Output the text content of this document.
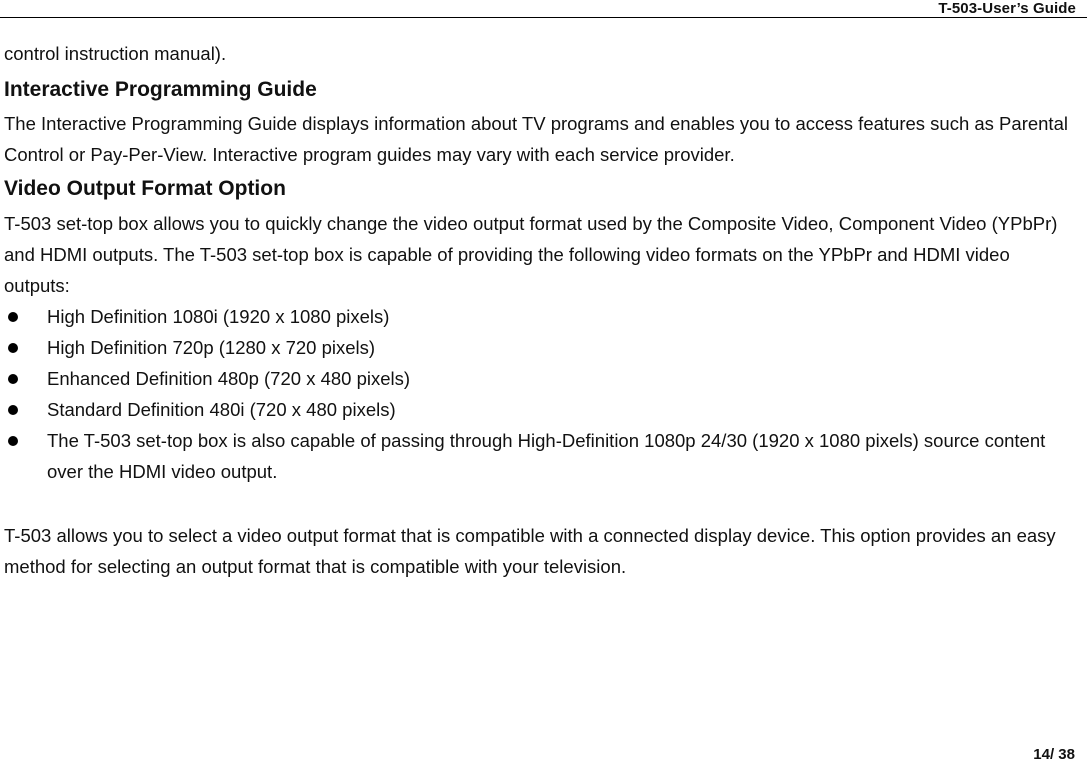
T-503-User’s Guide

control instruction manual).

Interactive Programming Guide

The Interactive Programming Guide displays information about TV programs and enables you to access features such as Parental Control or Pay-Per-View. Interactive program guides may vary with each service provider.

Video Output Format Option

T-503 set-top box allows you to quickly change the video output format used by the Composite Video, Component Video (YPbPr) and HDMI outputs. The T-503 set-top box is capable of providing the following video formats on the YPbPr and HDMI video outputs:

High Definition 1080i (1920 x 1080 pixels)
High Definition 720p (1280 x 720 pixels)
Enhanced Definition 480p (720 x 480 pixels)
Standard Definition 480i (720 x 480 pixels)
The T-503 set-top box is also capable of passing through High-Definition 1080p 24/30 (1920 x 1080 pixels) source content over the HDMI video output.

T-503 allows you to select a video output format that is compatible with a connected display device. This option provides an easy method for selecting an output format that is compatible with your television.

14/ 38
